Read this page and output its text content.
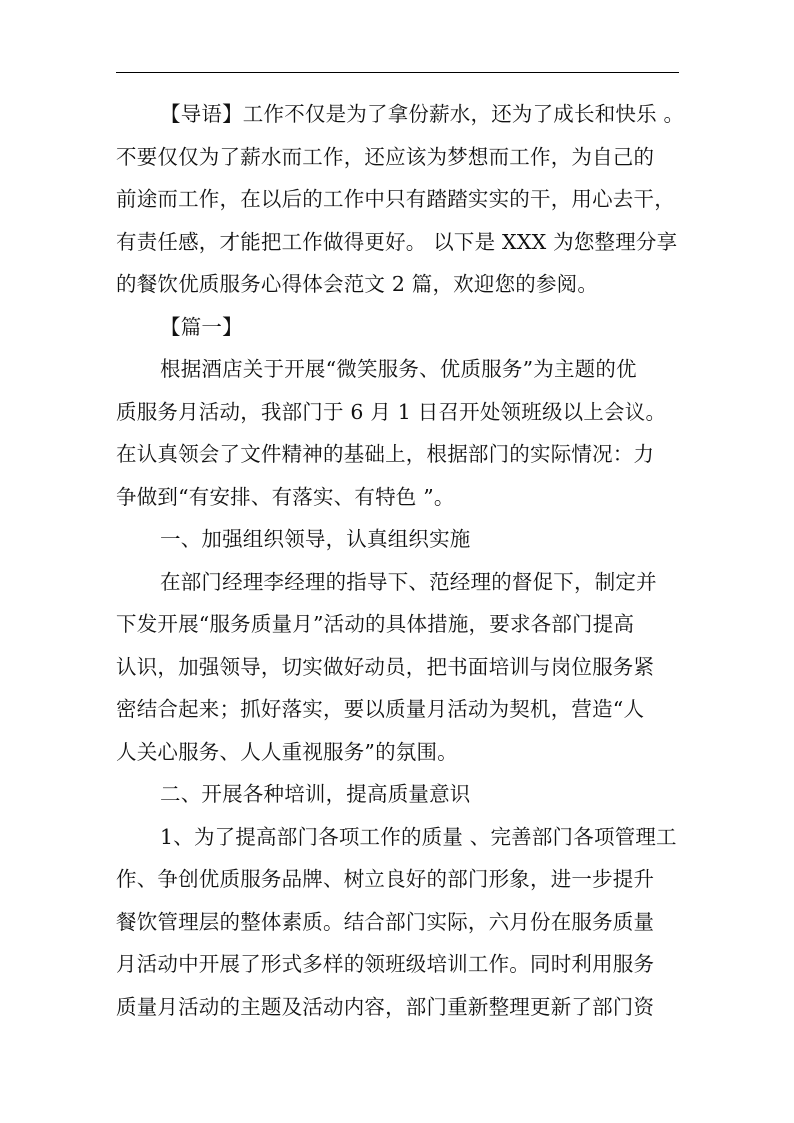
【导语】工作不仅是为了拿份薪水，还为了成长和快乐 。
不要仅仅为了薪水而工作，还应该为梦想而工作，为自己的
前途而工作，在以后的工作中只有踏踏实实的干，用心去干，
有责任感，才能把工作做得更好。 以下是 XXX 为您整理分享
的餐饮优质服务心得体会范文 2 篇，欢迎您的参阅。
【篇一】
根据酒店关于开展“微笑服务、优质服务”为主题的优
质服务月活动，我部门于 6 月 1 日召开处领班级以上会议。
在认真领会了文件精神的基础上，根据部门的实际情况：力
争做到“有安排、有落实、有特色 ”。
一、加强组织领导，认真组织实施
在部门经理李经理的指导下、范经理的督促下，制定并
下发开展“服务质量月”活动的具体措施，要求各部门提高
认识，加强领导，切实做好动员，把书面培训与岗位服务紧
密结合起来；抓好落实，要以质量月活动为契机，营造“人
人关心服务、人人重视服务”的氛围。
二、开展各种培训，提高质量意识
1、为了提高部门各项工作的质量 、完善部门各项管理工
作、争创优质服务品牌、树立良好的部门形象，进一步提升
餐饮管理层的整体素质。结合部门实际，六月份在服务质量
月活动中开展了形式多样的领班级培训工作。同时利用服务
质量月活动的主题及活动内容，部门重新整理更新了部门资
